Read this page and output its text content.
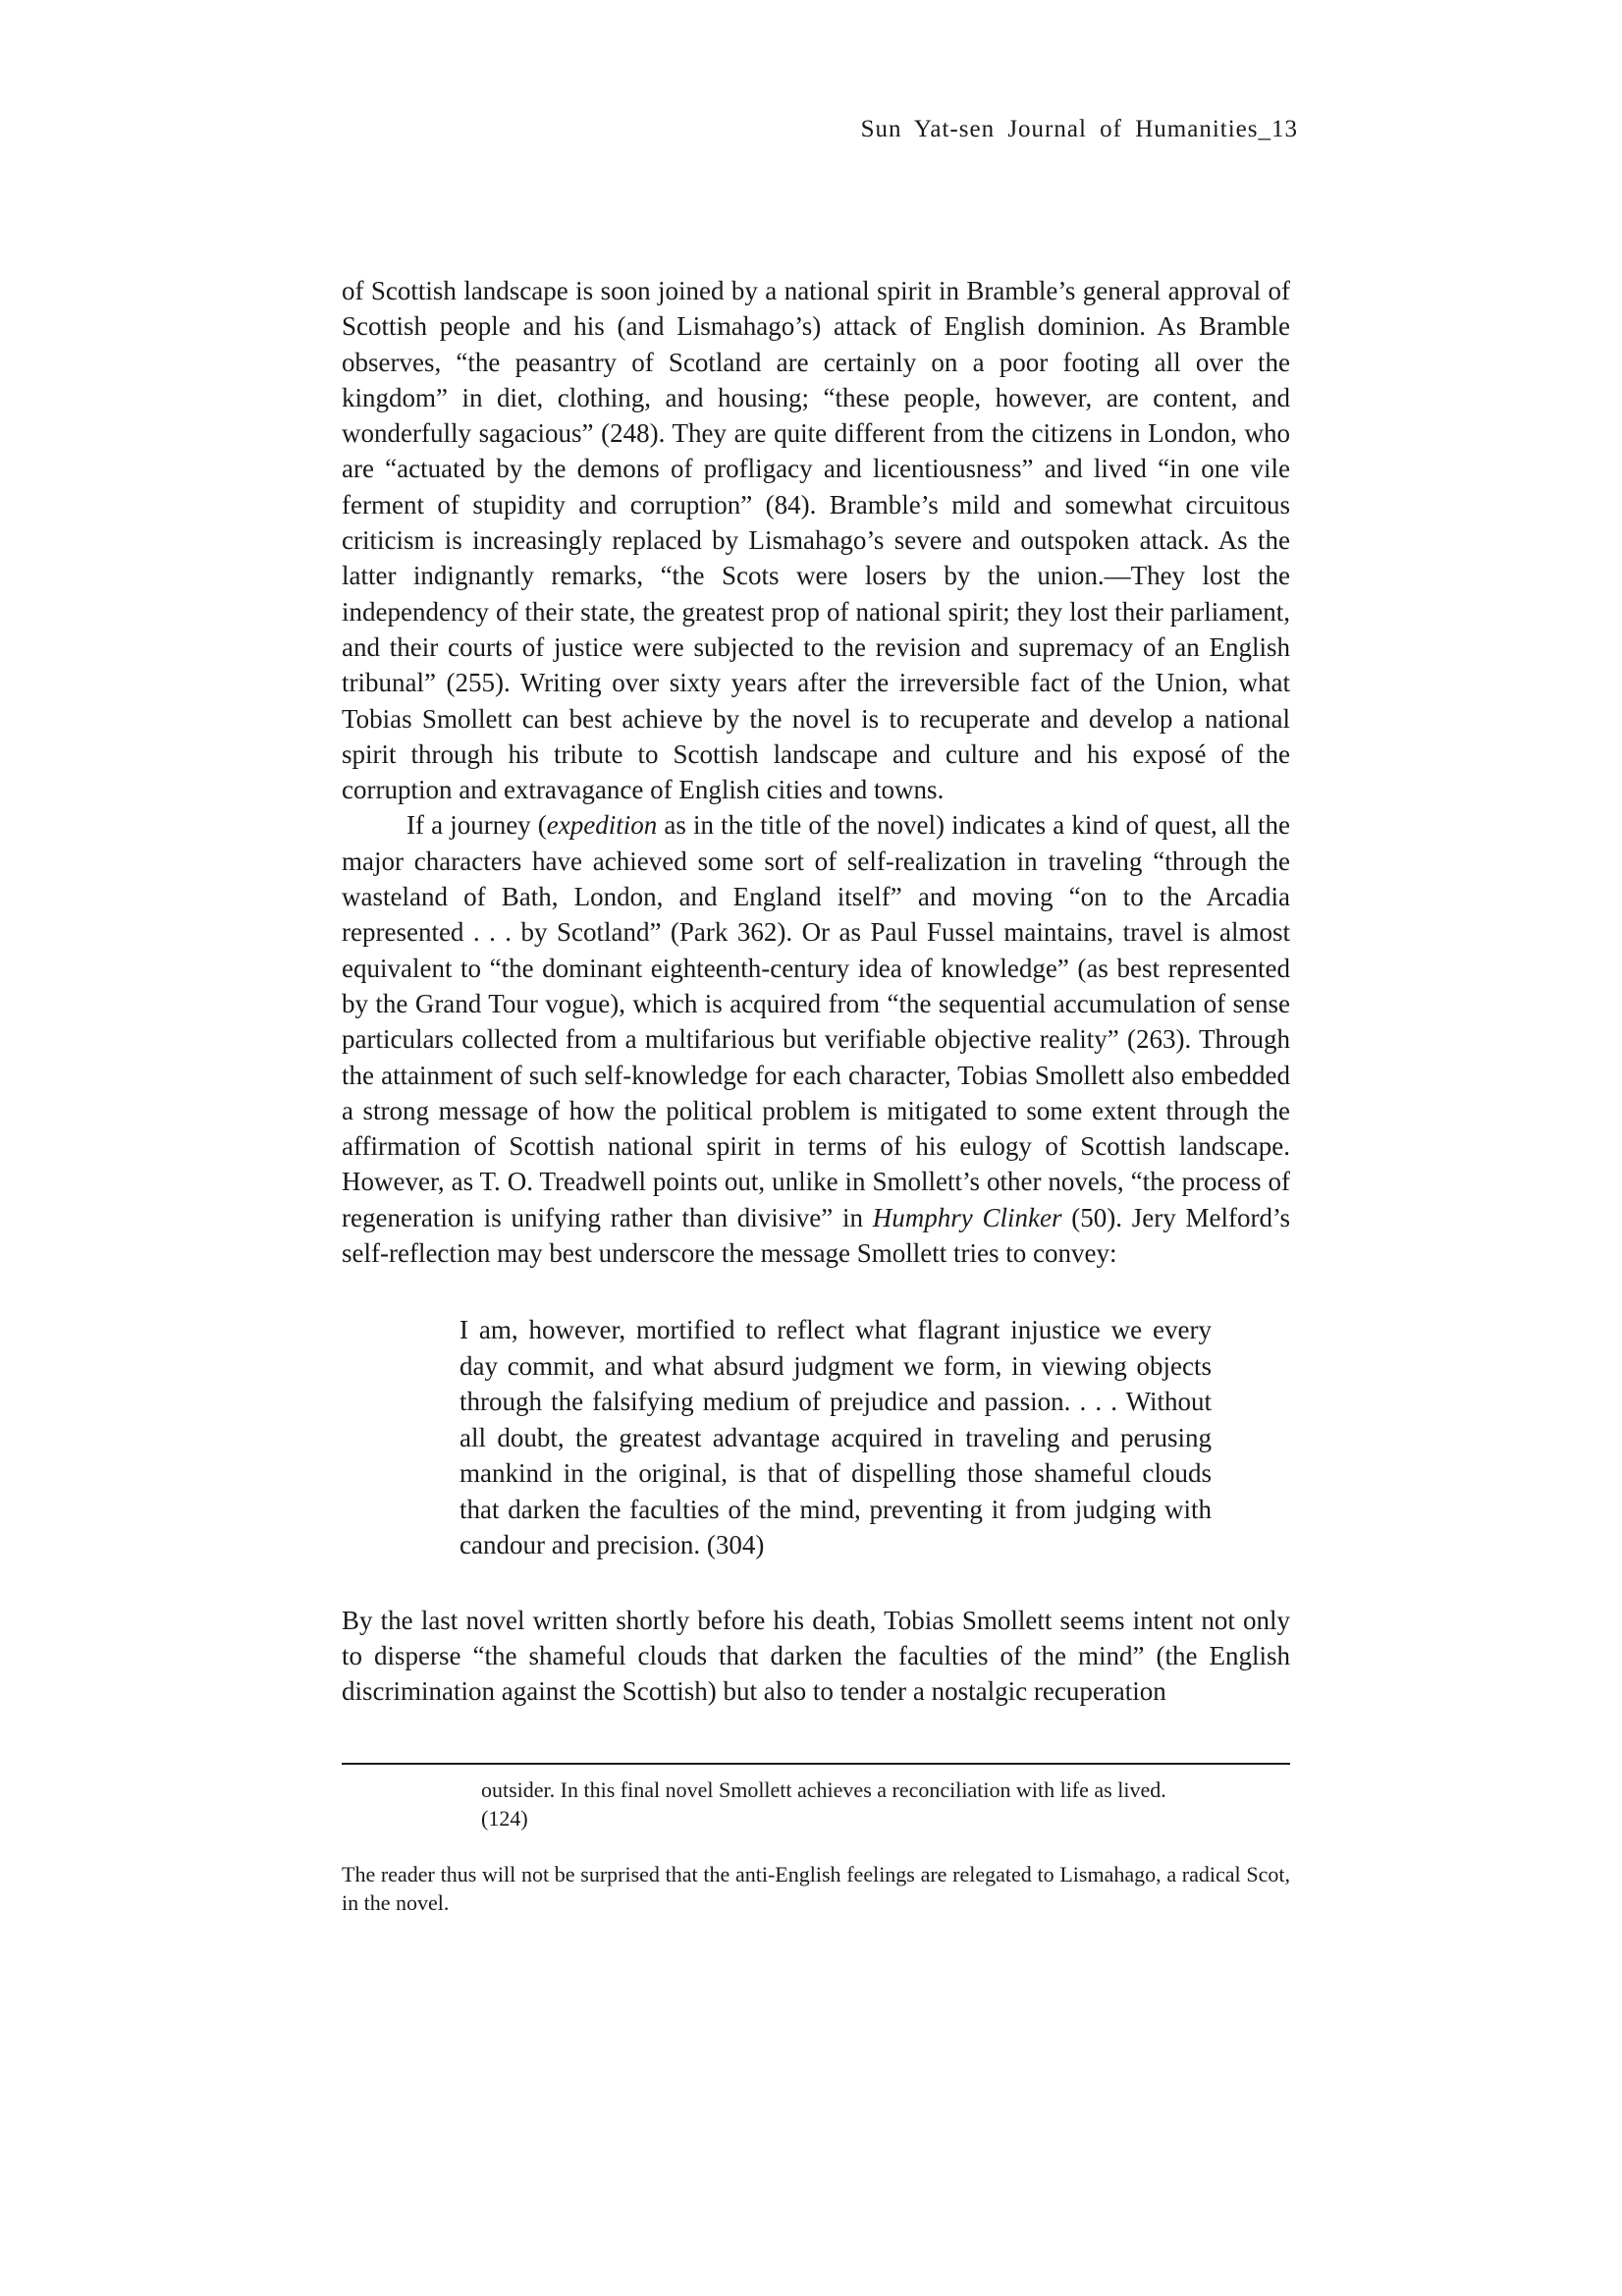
Sun Yat-sen Journal of Humanities_13

of Scottish landscape is soon joined by a national spirit in Bramble’s general approval of Scottish people and his (and Lismahago’s) attack of English dominion. As Bramble observes, “the peasantry of Scotland are certainly on a poor footing all over the kingdom” in diet, clothing, and housing; “these people, however, are content, and wonderfully sagacious” (248). They are quite different from the citizens in London, who are “actuated by the demons of profligacy and licentiousness” and lived “in one vile ferment of stupidity and corruption” (84). Bramble’s mild and somewhat circuitous criticism is increasingly replaced by Lismahago’s severe and outspoken attack. As the latter indignantly remarks, “the Scots were losers by the union.—They lost the independency of their state, the greatest prop of national spirit; they lost their parliament, and their courts of justice were subjected to the revision and supremacy of an English tribunal” (255). Writing over sixty years after the irreversible fact of the Union, what Tobias Smollett can best achieve by the novel is to recuperate and develop a national spirit through his tribute to Scottish landscape and culture and his exposé of the corruption and extravagance of English cities and towns.

If a journey (expedition as in the title of the novel) indicates a kind of quest, all the major characters have achieved some sort of self-realization in traveling “through the wasteland of Bath, London, and England itself” and moving “on to the Arcadia represented . . . by Scotland” (Park 362). Or as Paul Fussel maintains, travel is almost equivalent to “the dominant eighteenth-century idea of knowledge” (as best represented by the Grand Tour vogue), which is acquired from “the sequential accumulation of sense particulars collected from a multifarious but verifiable objective reality” (263). Through the attainment of such self-knowledge for each character, Tobias Smollett also embedded a strong message of how the political problem is mitigated to some extent through the affirmation of Scottish national spirit in terms of his eulogy of Scottish landscape. However, as T. O. Treadwell points out, unlike in Smollett’s other novels, “the process of regeneration is unifying rather than divisive” in Humphry Clinker (50). Jery Melford’s self-reflection may best underscore the message Smollett tries to convey:

I am, however, mortified to reflect what flagrant injustice we every day commit, and what absurd judgment we form, in viewing objects through the falsifying medium of prejudice and passion. . . . Without all doubt, the greatest advantage acquired in traveling and perusing mankind in the original, is that of dispelling those shameful clouds that darken the faculties of the mind, preventing it from judging with candour and precision. (304)

By the last novel written shortly before his death, Tobias Smollett seems intent not only to disperse “the shameful clouds that darken the faculties of the mind” (the English discrimination against the Scottish) but also to tender a nostalgic recuperation

outsider. In this final novel Smollett achieves a reconciliation with life as lived. (124)

The reader thus will not be surprised that the anti-English feelings are relegated to Lismahago, a radical Scot, in the novel.
